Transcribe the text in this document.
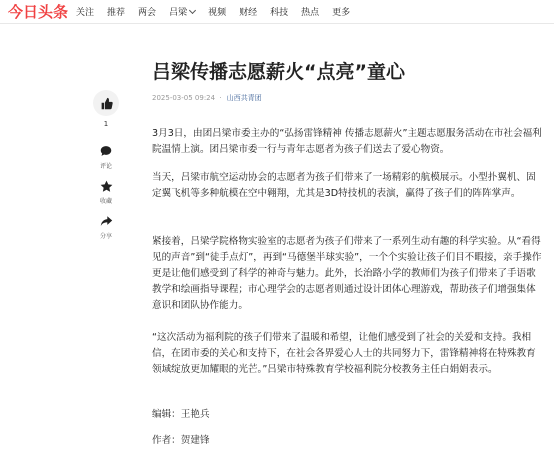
今日头条 关注 推荐 两会 吕梁 视频 财经 科技 热点 更多
1
评论
收藏
分享
吕梁传播志愿薪火“点亮”童心
2025-03-05 09:24 · 山西共青团

3月3日，由团吕梁市委主办的“弘扬雷锋精神 传播志愿薪火”主题志愿服务活动在市社会福利院温情上演。团吕梁市委一行与青年志愿者为孩子们送去了爱心物资。

当天，吕梁市航空运动协会的志愿者为孩子们带来了一场精彩的航模展示。小型扑翼机、固定翼飞机等多种航模在空中翱翔，尤其是3D特技机的表演，赢得了孩子们的阵阵掌声。

紧接着，吕梁学院格物实验室的志愿者为孩子们带来了一系列生动有趣的科学实验。从“看得见的声音”到“徒手点灯”，再到“马德堡半球实验”，一个个实验让孩子们目不暇接，亲手操作更是让他们感受到了科学的神奇与魅力。此外，长治路小学的教师们为孩子们带来了手语歌教学和绘画指导课程；市心理学会的志愿者则通过设计团体心理游戏，帮助孩子们增强集体意识和团队协作能力。

“这次活动为福利院的孩子们带来了温暖和希望，让他们感受到了社会的关爱和支持。我相信，在团市委的关心和支持下，在社会各界爱心人士的共同努力下，雷锋精神将在特殊教育领域绽放更加耀眼的光芒。”吕梁市特殊教育学校福利院分校教务主任白娟娟表示。

编辑：王艳兵

作者：贺建锋
